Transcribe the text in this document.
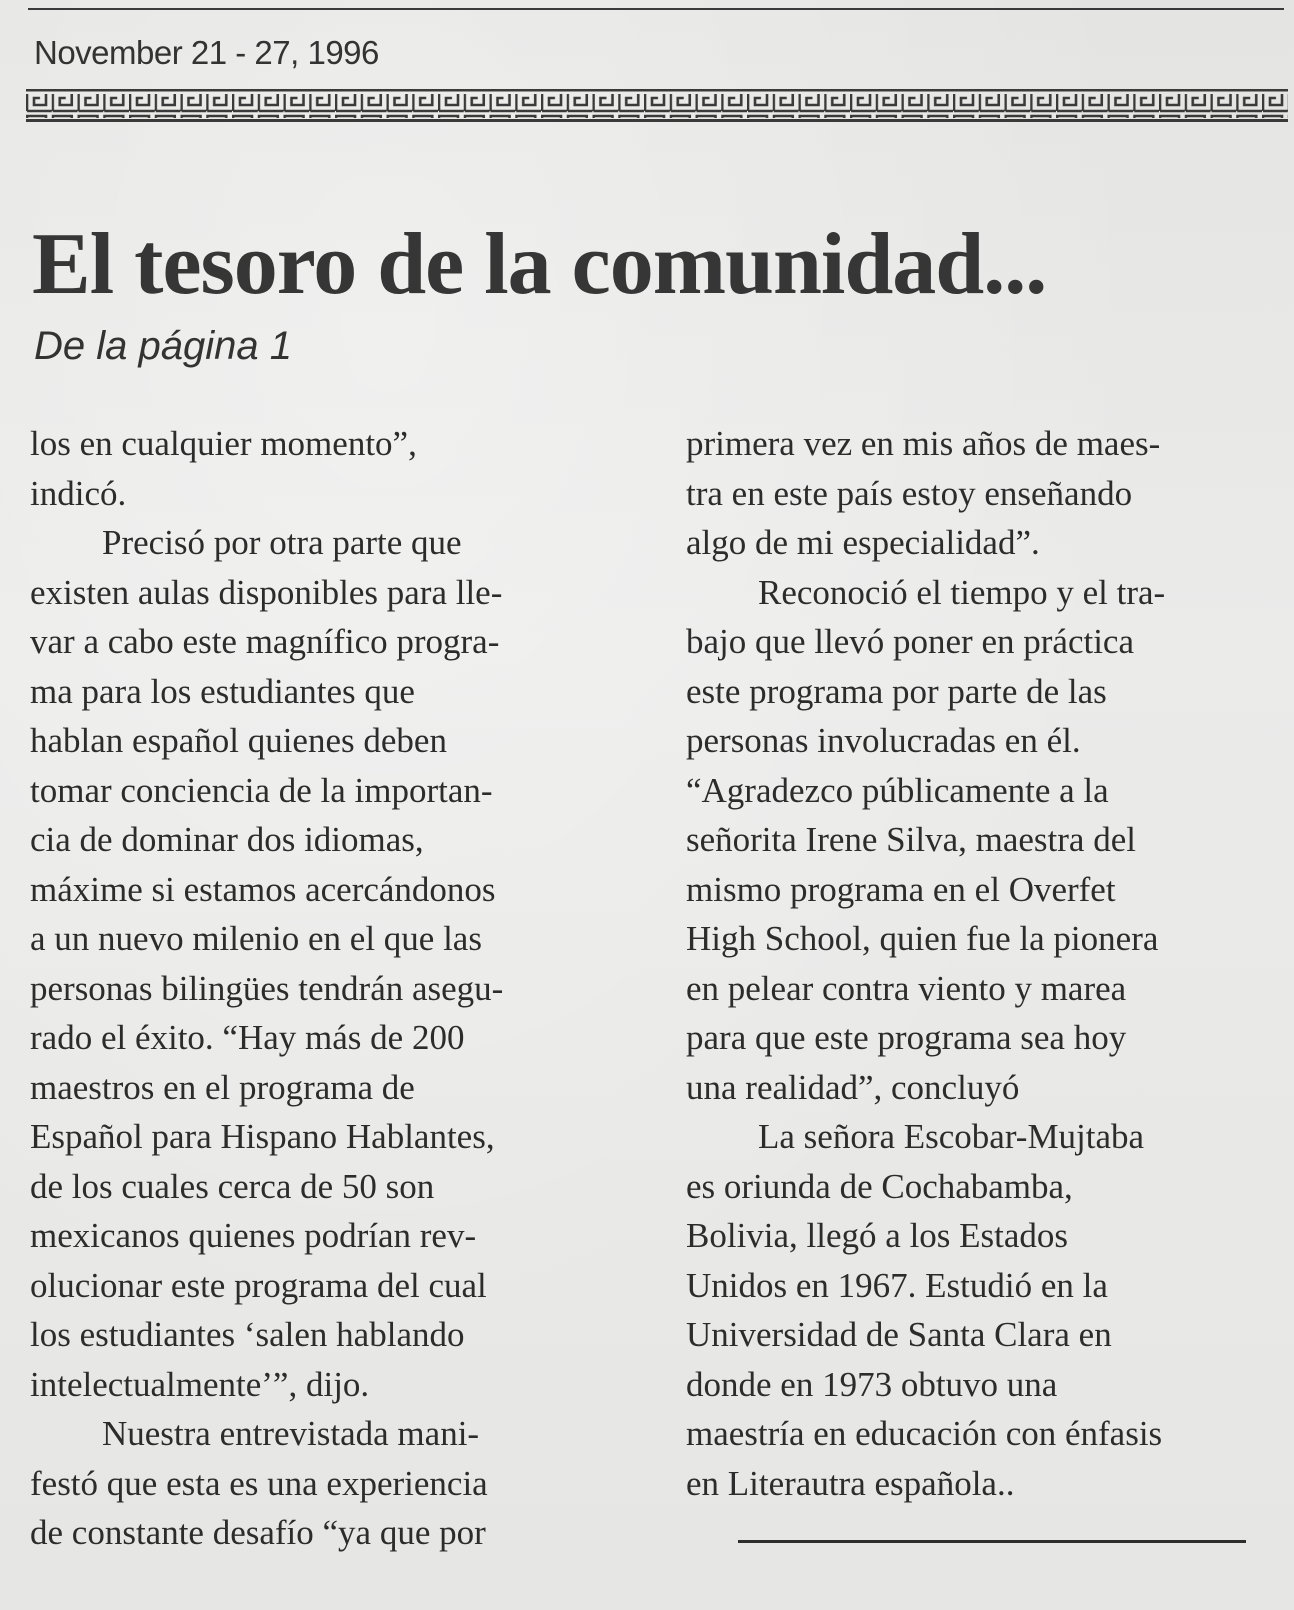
November 21 - 27, 1996
El tesoro de la comunidad...

De la página 1

los en cualquier momento”,
indicó.
Precisó por otra parte que
existen aulas disponibles para lle-
var a cabo este magnífico progra-
ma para los estudiantes que
hablan español quienes deben
tomar conciencia de la importan-
cia de dominar dos idiomas,
máxime si estamos acercándonos
a un nuevo milenio en el que las
personas bilingües tendrán asegu-
rado el éxito. “Hay más de 200
maestros en el programa de
Español para Hispano Hablantes,
de los cuales cerca de 50 son
mexicanos quienes podrían rev-
olucionar este programa del cual
los estudiantes ‘salen hablando
intelectualmente’”, dijo.
Nuestra entrevistada mani-
festó que esta es una experiencia
de constante desafío “ya que por
primera vez en mis años de maes-
tra en este país estoy enseñando
algo de mi especialidad”.
Reconoció el tiempo y el tra-
bajo que llevó poner en práctica
este programa por parte de las
personas involucradas en él.
“Agradezco públicamente a la
señorita Irene Silva, maestra del
mismo programa en el Overfet
High School, quien fue la pionera
en pelear contra viento y marea
para que este programa sea hoy
una realidad”, concluyó
La señora Escobar-Mujtaba
es oriunda de Cochabamba,
Bolivia, llegó a los Estados
Unidos en 1967. Estudió en la
Universidad de Santa Clara en
donde en 1973 obtuvo una
maestría en educación con énfasis
en Literautra española..
